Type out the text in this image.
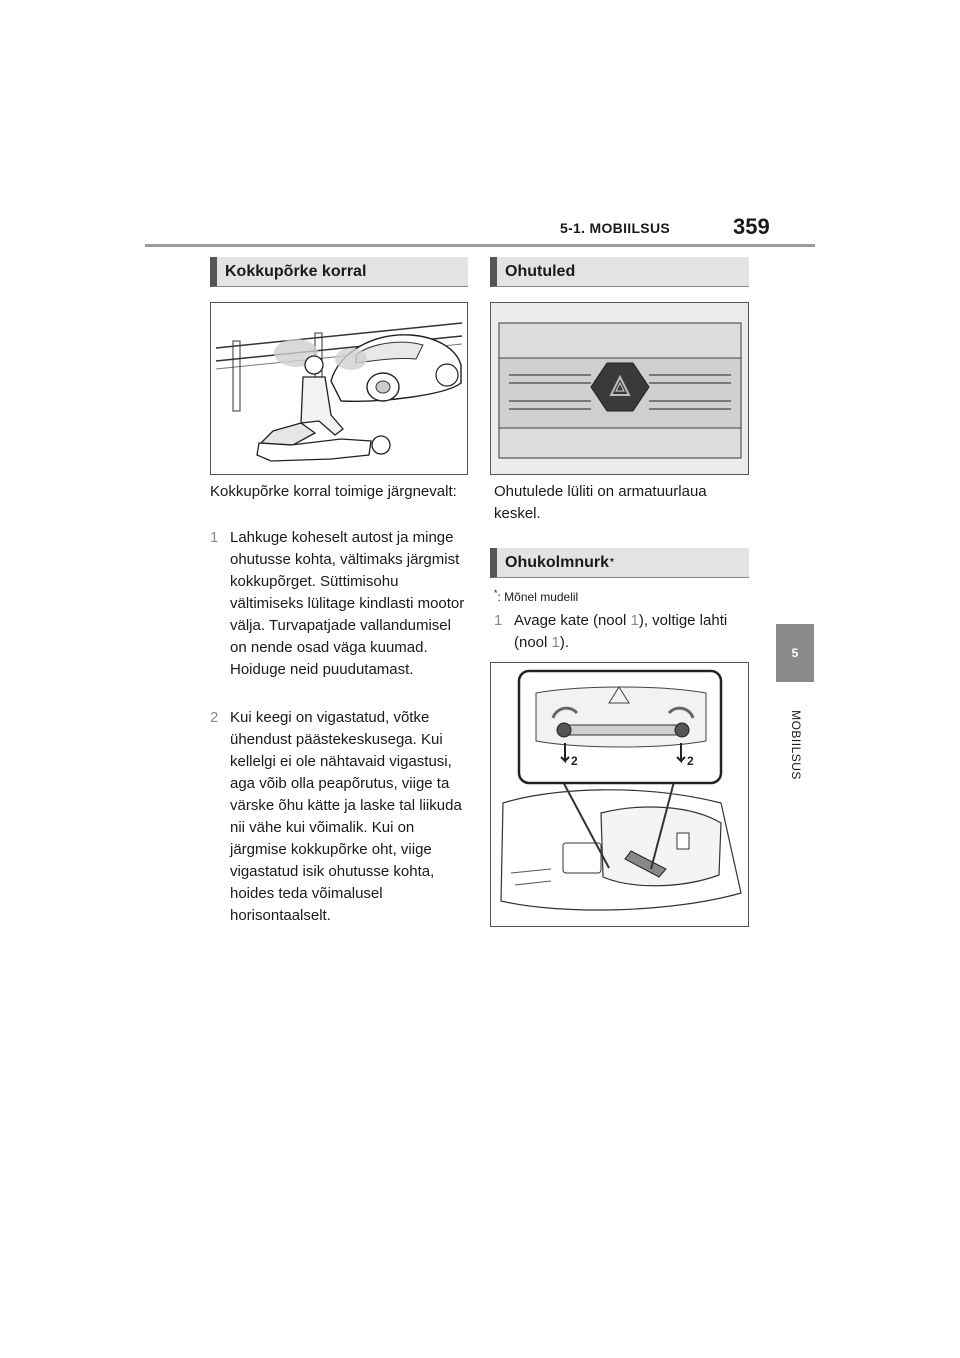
5-1. MOBIILSUS	359
5
MOBIILSUS
Kokkupõrke korral
Kokkupõrke korral toimige järgnevalt:
1 Lahkuge koheselt autost ja minge ohutusse kohta, vältimaks järgmist kokkupõrget. Süttimisohu vältimiseks lülitage kindlasti mootor välja. Turvapatjade vallandumisel on nende osad väga kuumad. Hoiduge neid puudutamast.
2 Kui keegi on vigastatud, võtke ühendust päästekeskusega. Kui kellelgi ei ole nähtavaid vigastusi, aga võib olla peapõrutus, viige ta värske õhu kätte ja laske tal liikuda nii vähe kui võimalik. Kui on järgmise kokkupõrke oht, viige vigastatud isik ohutusse kohta, hoides teda võimalusel horisontaalselt.
Ohutuled
Ohutulede lüliti on armatuurlaua keskel.
Ohukolmnurk *
*: Mõnel mudelil
1 Avage kate (nool 1), voltige lahti (nool 1).
2	2
